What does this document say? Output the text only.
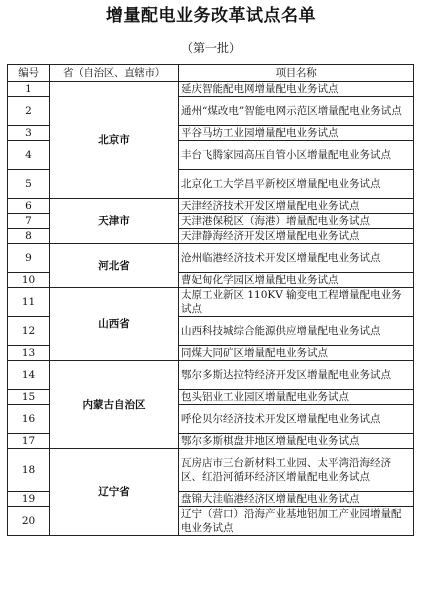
增量配电业务改革试点名单
（第一批）
编号	省（自治区、直辖市）	项目名称
1	北京市	延庆智能配电网增量配电业务试点
2		通州“煤改电”智能电网示范区增量配电业务试点
3		平谷马坊工业园增量配电业务试点
4		丰台飞腾家园高压自管小区增量配电业务试点
5		北京化工大学昌平新校区增量配电业务试点
6	天津市	天津经济技术开发区增量配电业务试点
7		天津港保税区（海港）增量配电业务试点
8		天津静海经济开发区增量配电业务试点
9	河北省	沧州临港经济技术开发区增量配电业务试点
10		曹妃甸化学园区增量配电业务试点
11	山西省	太原工业新区 110KV 输变电工程增量配电业务试点
12		山西科技城综合能源供应增量配电业务试点
13		同煤大同矿区增量配电业务试点
14	内蒙古自治区	鄂尔多斯达拉特经济开发区增量配电业务试点
15		包头铝业工业园区增量配电业务试点
16		呼伦贝尔经济技术开发区增量配电业务试点
17		鄂尔多斯棋盘井地区增量配电业务试点
18	辽宁省	瓦房店市三台新材料工业园、太平湾沿海经济区、红沿河循环经济区增量配电业务试点
19		盘锦大洼临港经济区增量配电业务试点
20		辽宁（营口）沿海产业基地铝加工产业园增量配电业务试点
